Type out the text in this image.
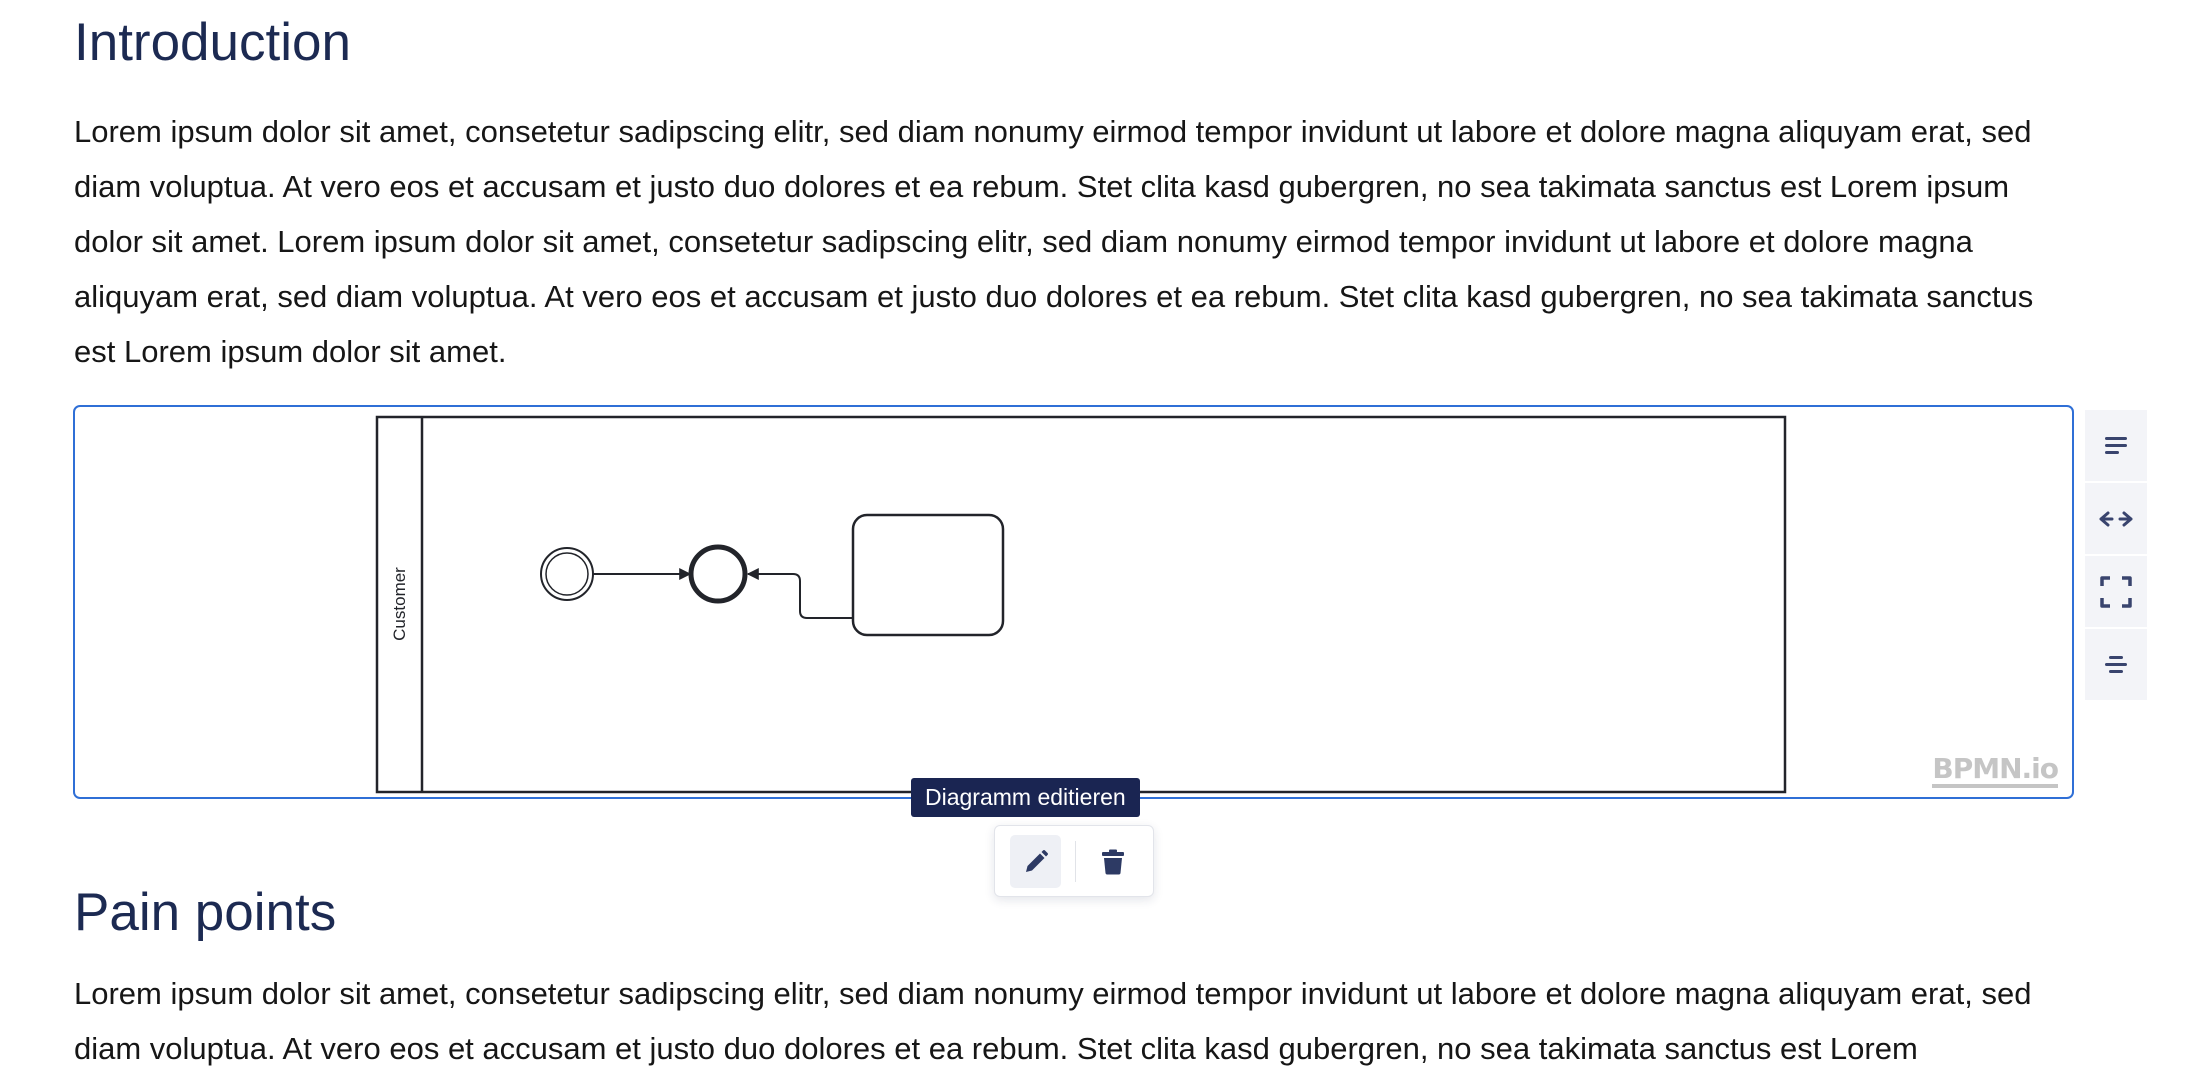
Introduction

Lorem ipsum dolor sit amet, consetetur sadipscing elitr, sed diam nonumy eirmod tempor invidunt ut labore et dolore magna aliquyam erat, sed diam voluptua. At vero eos et accusam et justo duo dolores et ea rebum. Stet clita kasd gubergren, no sea takimata sanctus est Lorem ipsum dolor sit amet. Lorem ipsum dolor sit amet, consetetur sadipscing elitr, sed diam nonumy eirmod tempor invidunt ut labore et dolore magna aliquyam erat, sed diam voluptua. At vero eos et accusam et justo duo dolores et ea rebum. Stet clita kasd gubergren, no sea takimata sanctus est Lorem ipsum dolor sit amet.

Customer
BPMN.io
Diagramm editieren
Pain points

Lorem ipsum dolor sit amet, consetetur sadipscing elitr, sed diam nonumy eirmod tempor invidunt ut labore et dolore magna aliquyam erat, sed diam voluptua. At vero eos et accusam et justo duo dolores et ea rebum. Stet clita kasd gubergren, no sea takimata sanctus est Lorem
